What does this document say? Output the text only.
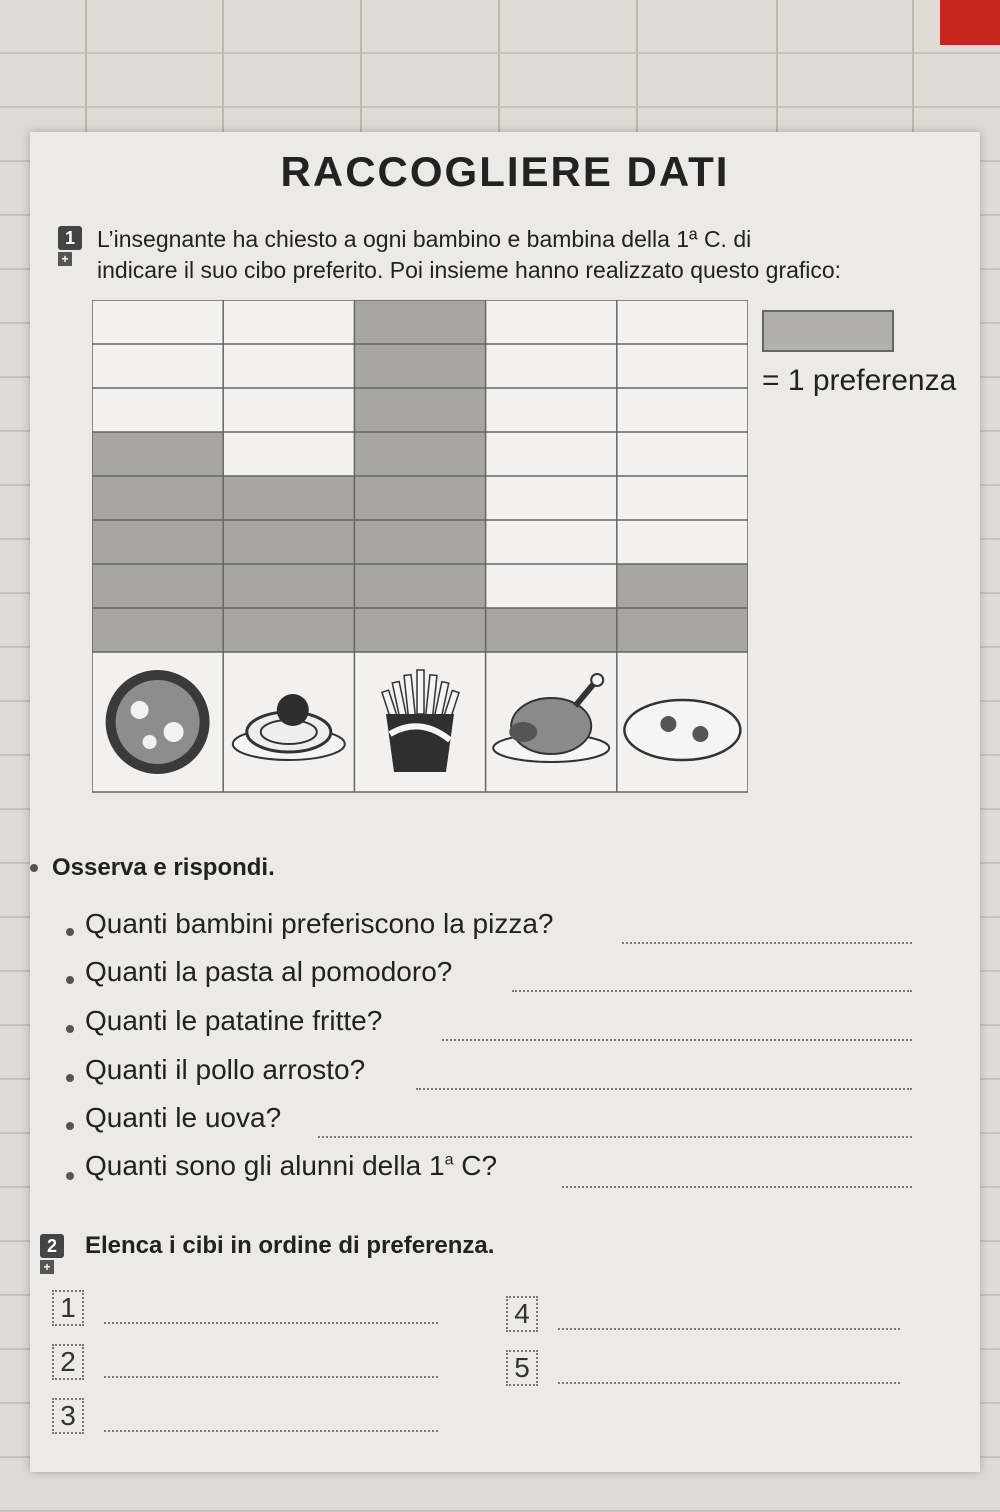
RACCOGLIERE DATI
1 + L’insegnante ha chiesto a ogni bambino e bambina della 1ª C. di
indicare il suo cibo preferito. Poi insieme hanno realizzato questo grafico:
= 1 preferenza
Osserva e rispondi.
Quanti bambini preferiscono la pizza?
Quanti la pasta al pomodoro?
Quanti le patatine fritte?
Quanti il pollo arrosto?
Quanti le uova?
Quanti sono gli alunni della 1$^a$ C?
2 + Elenca i cibi in ordine di preferenza.
1
2
3
4
5
